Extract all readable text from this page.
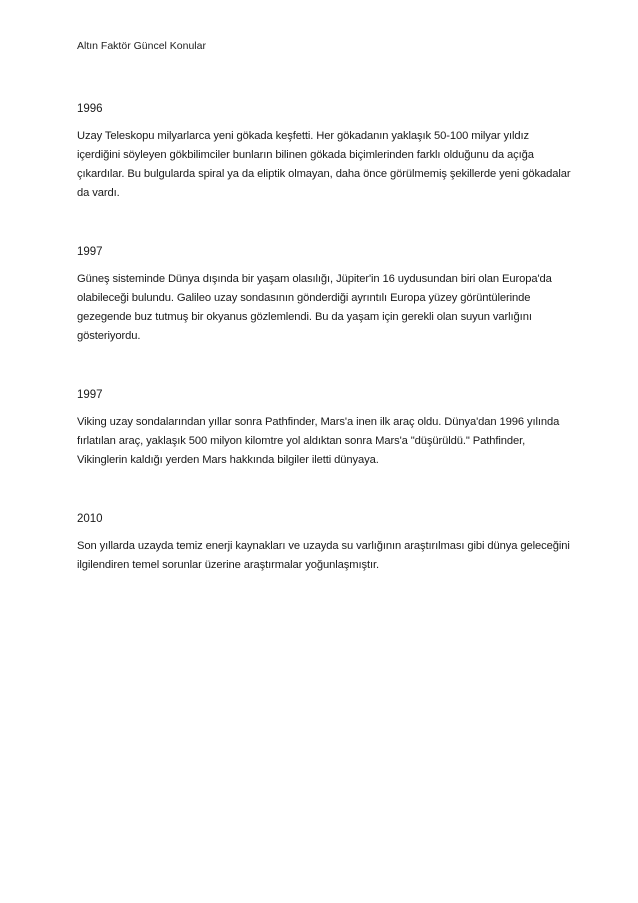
Altın Faktör Güncel Konular

1996

Uzay Teleskopu milyarlarca yeni gökada keşfetti. Her gökadanın yaklaşık 50-100 milyar yıldız içerdiğini söyleyen gökbilimciler bunların bilinen gökada biçimlerinden farklı olduğunu da açığa çıkardılar. Bu bulgularda spiral ya da eliptik olmayan, daha önce görülmemiş şekillerde yeni gökadalar da vardı.

1997

Güneş sisteminde Dünya dışında bir yaşam olasılığı, Jüpiter'in 16 uydusundan biri olan Europa'da olabileceği bulundu. Galileo uzay sondasının gönderdiği ayrıntılı Europa yüzey görüntülerinde gezegende buz tutmuş bir okyanus gözlemlendi. Bu da yaşam için gerekli olan suyun varlığını gösteriyordu.

1997

Viking uzay sondalarından yıllar sonra Pathfinder, Mars'a inen ilk araç oldu. Dünya'dan 1996 yılında fırlatılan araç, yaklaşık 500 milyon kilomtre yol aldıktan sonra Mars'a "düşürüldü." Pathfinder, Vikinglerin kaldığı yerden Mars hakkında bilgiler iletti dünyaya.

2010

Son yıllarda uzayda temiz enerji kaynakları ve uzayda su varlığının araştırılması gibi dünya geleceğini ilgilendiren temel sorunlar üzerine araştırmalar yoğunlaşmıştır.
